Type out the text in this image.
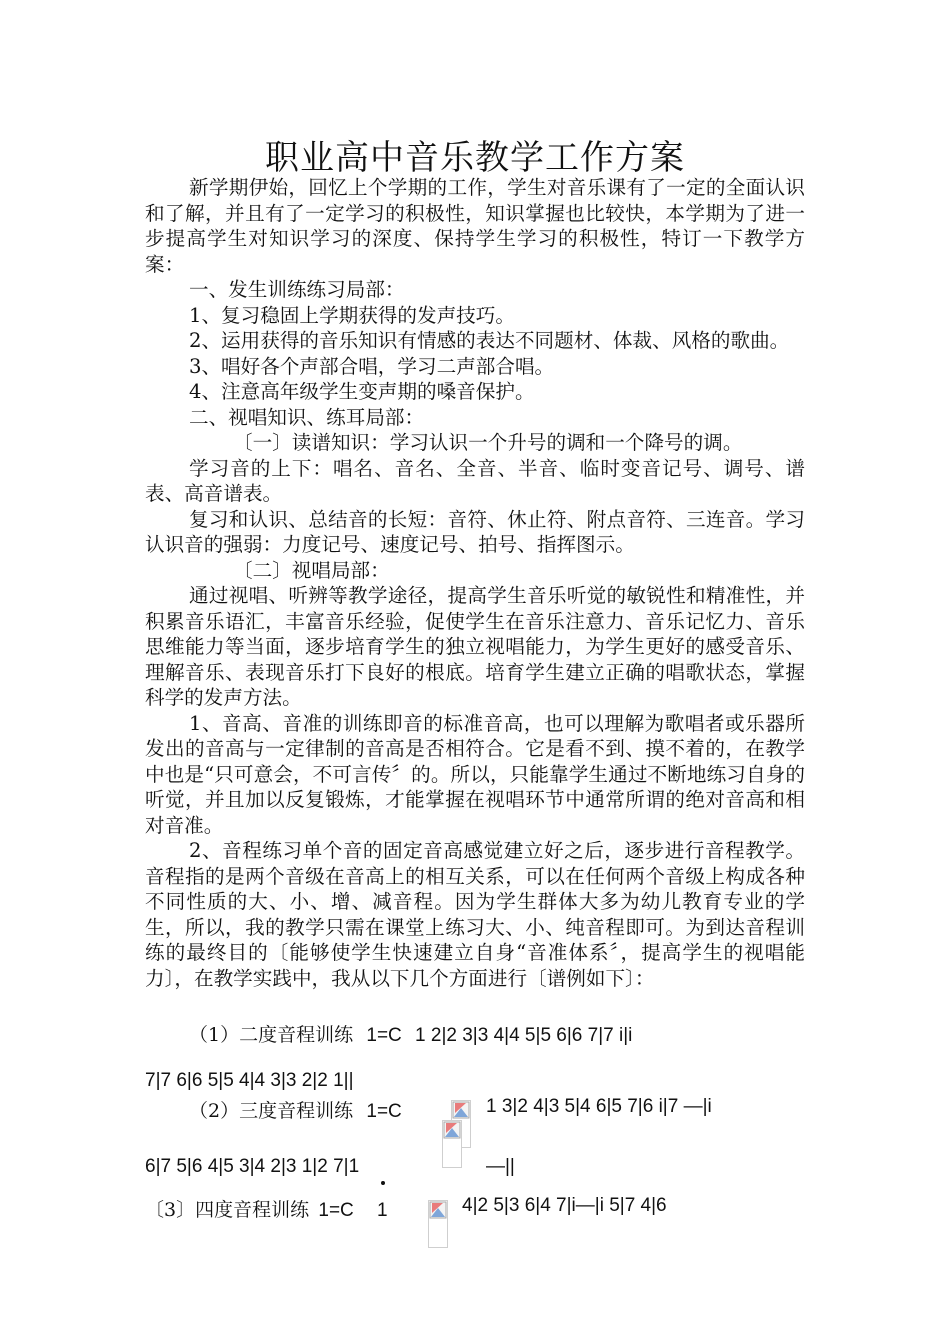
职业高中音乐教学工作方案

新学期伊始，回忆上个学期的工作，学生对音乐课有了一定的全面认识和了解，并且有了一定学习的积极性，知识掌握也比较快，本学期为了进一步提高学生对知识学习的深度、保持学生学习的积极性，特订一下教学方案：

一、发生训练练习局部：

1、复习稳固上学期获得的发声技巧。

2、运用获得的音乐知识有情感的表达不同题材、体裁、风格的歌曲。

3、唱好各个声部合唱，学习二声部合唱。

4、注意高年级学生变声期的嗓音保护。

二、视唱知识、练耳局部：

〔一〕读谱知识：学习认识一个升号的调和一个降号的调。

学习音的上下：唱名、音名、全音、半音、临时变音记号、调号、谱表、高音谱表。

复习和认识、总结音的长短：音符、休止符、附点音符、三连音。学习认识音的强弱：力度记号、速度记号、拍号、指挥图示。

〔二〕视唱局部：

通过视唱、听辨等教学途径，提高学生音乐听觉的敏锐性和精准性，并积累音乐语汇，丰富音乐经验，促使学生在音乐注意力、音乐记忆力、音乐思维能力等当面，逐步培育学生的独立视唱能力，为学生更好的感受音乐、理解音乐、表现音乐打下良好的根底。培育学生建立正确的唱歌状态，掌握科学的发声方法。

1、音高、音准的训练即音的标准音高，也可以理解为歌唱者或乐器所发出的音高与一定律制的音高是否相符合。它是看不到、摸不着的，在教学中也是“只可意会，不可言传〞的。所以，只能靠学生通过不断地练习自身的听觉，并且加以反复锻炼，才能掌握在视唱环节中通常所谓的绝对音高和相对音准。

2、音程练习单个音的固定音高感觉建立好之后，逐步进行音程教学。音程指的是两个音级在音高上的相互关系，可以在任何两个音级上构成各种不同性质的大、小、增、减音程。因为学生群体大多为幼儿教育专业的学生，所以，我的教学只需在课堂上练习大、小、纯音程即可。为到达音程训练的最终目的〔能够使学生快速建立自身“音准体系〞，提高学生的视唱能力〕，在教学实践中，我从以下几个方面进行〔谱例如下〕：

（1）二度音程训练 1=C 1 2|2 3|3 4|4 5|5 6|6 7|7 i|i
7|7 6|6 5|5 4|4 3|3 2|2 1||
（2）三度音程训练 1=C	1 3|2 4|3 5|4 6|5 7|6 i|7 —|i
6|7 5|6 4|5 3|4 2|3 1|2 7|1	—||
〔3〕四度音程训练 1=C 1	4|2 5|3 6|4 7|i—|i 5|7 4|6
